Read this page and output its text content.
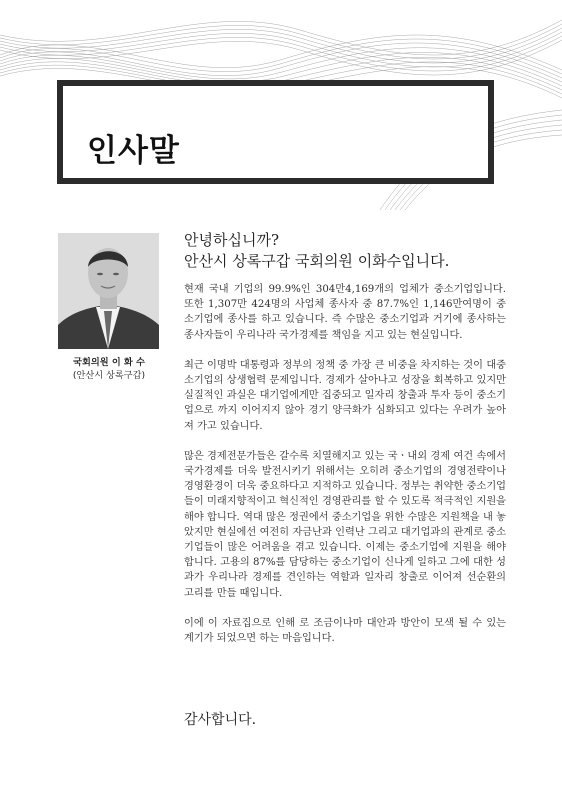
인사말
국회의원 이 화 수
(안산시 상록구갑)
안녕하십니까?
안산시 상록구갑 국회의원 이화수입니다.

현재 국내 기업의 99.9%인 304만4,169개의 업체가 중소기업입니다. 또한 1,307만 424명의 사업체 종사자 중 87.7%인 1,146만여명이 중소기업에 종사를 하고 있습니다. 즉 수많은 중소기업과 거기에 종사하는 종사자들이 우리나라 국가경제를 책임을 지고 있는 현실입니다.

최근 이명박 대통령과 정부의 정책 중 가장 큰 비중을 차지하는 것이 대중소기업의 상생협력 문제입니다. 경제가 살아나고 성장을 회복하고 있지만 실질적인 과실은 대기업에게만 집중되고 일자리 창출과 투자 등이 중소기업으로 까지 이어지지 않아 경기 양극화가 심화되고 있다는 우려가 높아져 가고 있습니다.

많은 경제전문가들은 갈수록 치열해지고 있는 국ㆍ내외 경제 여건 속에서 국가경제를 더욱 발전시키기 위해서는 오히려 중소기업의 경영전략이나 경영환경이 더욱 중요하다고 지적하고 있습니다. 정부는 취약한 중소기업들이 미래지향적이고 혁신적인 경영관리를 할 수 있도록 적극적인 지원을 해야 합니다. 역대 많은 정권에서 중소기업을 위한 수많은 지원책을 내 놓았지만 현실에선 여전히 자금난과 인력난 그리고 대기업과의 관계로 중소기업들이 많은 어려움을 겪고 있습니다. 이제는 중소기업에 지원을 해야 합니다. 고용의 87%를 담당하는 중소기업이 신나게 일하고 그에 대한 성과가 우리나라 경제를 견인하는 역할과 일자리 창출로 이어져 선순환의 고리를 만들 때입니다.

이에 이 자료집으로 인해 로 조금이나마 대안과 방안이 모색 될 수 있는 계기가 되었으면 하는 마음입니다.

감사합니다.
